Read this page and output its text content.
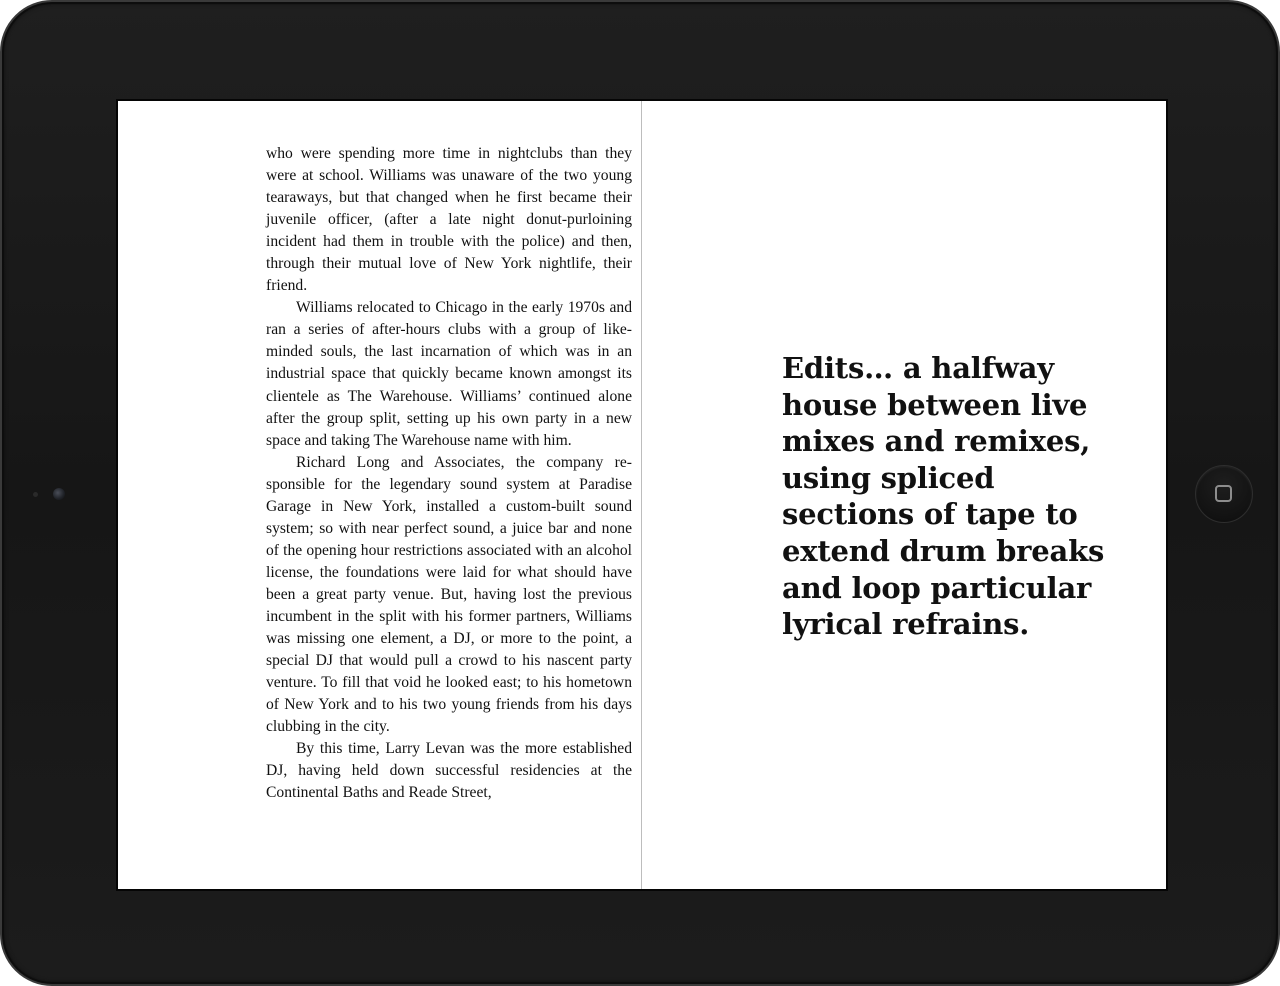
who were spending more time in nightclubs than they were at school. Williams was unaware of the two young tearaways, but that changed when he first became their juvenile officer, (after a late night donut-purloining incident had them in trouble with the police) and then, through their mutual love of New York nightlife, their friend.

Williams relocated to Chicago in the early 1970s and ran a series of after-hours clubs with a group of like-minded souls, the last incarnation of which was in an industrial space that quickly became known amongst its clientele as The Warehouse. Williams’ continued alone after the group split, setting up his own party in a new space and taking The Warehouse name with him.

Richard Long and Associates, the company responsible for the legendary sound system at Paradise Garage in New York, installed a custom-built sound system; so with near perfect sound, a juice bar and none of the opening hour restrictions associated with an alcohol license, the foundations were laid for what should have been a great party venue. But, having lost the previous incumbent in the split with his former partners, Williams was missing one element, a DJ, or more to the point, a special DJ that would pull a crowd to his nascent party venture. To fill that void he looked east; to his hometown of New York and to his two young friends from his days clubbing in the city.

By this time, Larry Levan was the more established DJ, having held down successful residencies at the Continental Baths and Reade Street,

Edits… a halfway house between live mixes and remixes, using spliced sections of tape to extend drum breaks and loop particular lyrical refrains.
